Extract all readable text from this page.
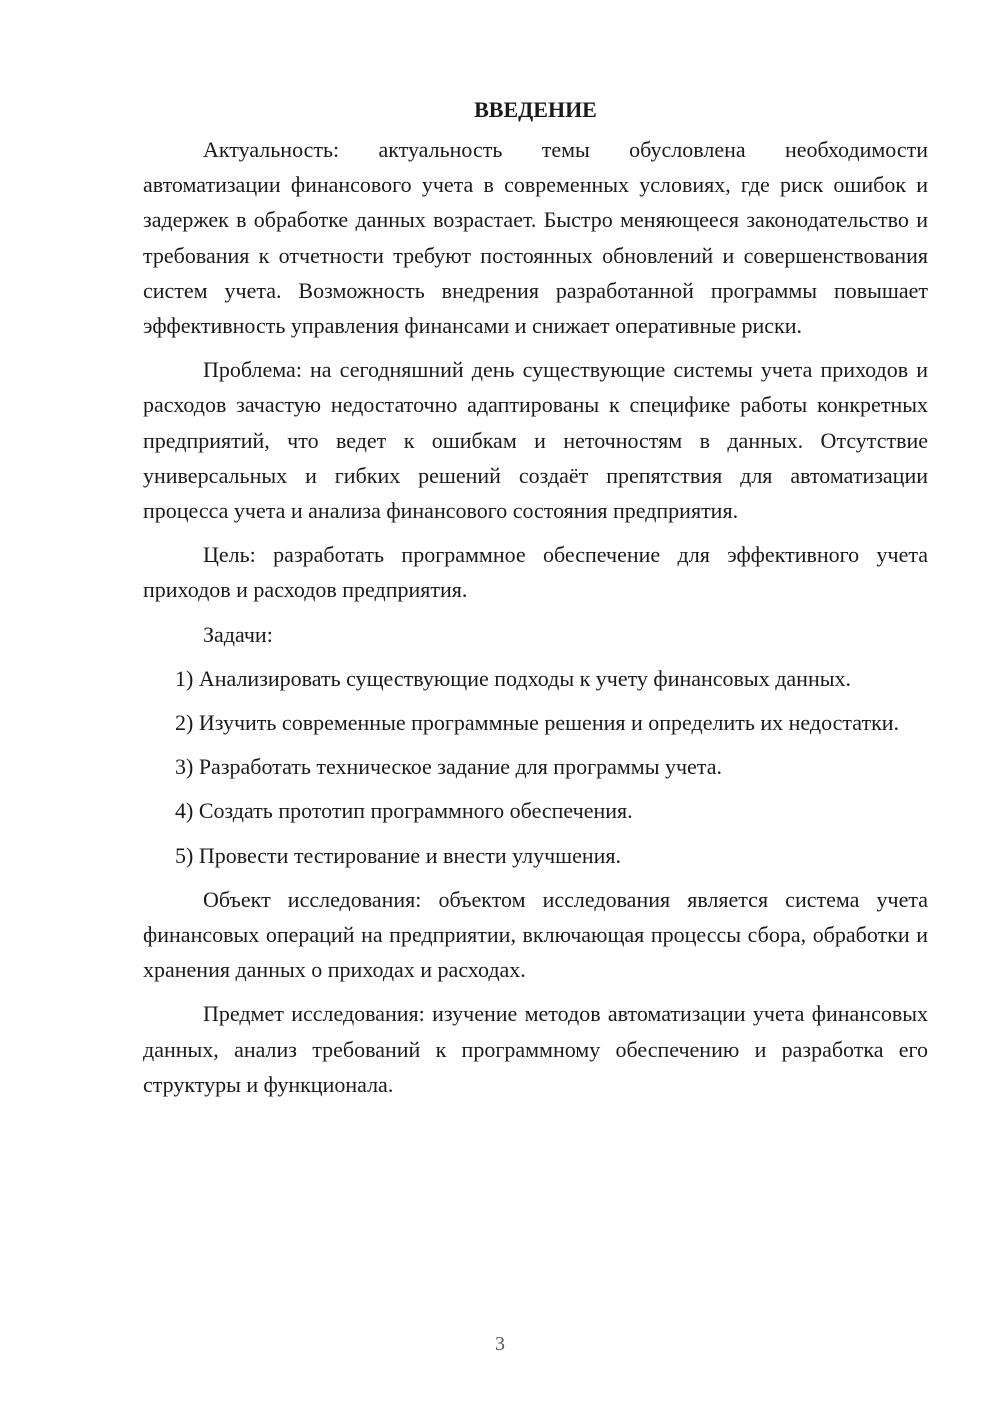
ВВЕДЕНИЕ

Актуальность: актуальность темы обусловлена необходимости автоматизации финансового учета в современных условиях, где риск ошибок и задержек в обработке данных возрастает. Быстро меняющееся законодательство и требования к отчетности требуют постоянных обновлений и совершенствования систем учета. Возможность внедрения разработанной программы повышает эффективность управления финансами и снижает оперативные риски.

Проблема: на сегодняшний день существующие системы учета приходов и расходов зачастую недостаточно адаптированы к специфике работы конкретных предприятий, что ведет к ошибкам и неточностям в данных. Отсутствие универсальных и гибких решений создаёт препятствия для автоматизации процесса учета и анализа финансового состояния предприятия.

Цель: разработать программное обеспечение для эффективного учета приходов и расходов предприятия.

Задачи:

1) Анализировать существующие подходы к учету финансовых данных.

2) Изучить современные программные решения и определить их недостатки.

3) Разработать техническое задание для программы учета.

4) Создать прототип программного обеспечения.

5) Провести тестирование и внести улучшения.

Объект исследования: объектом исследования является система учета финансовых операций на предприятии, включающая процессы сбора, обработки и хранения данных о приходах и расходах.

Предмет исследования: изучение методов автоматизации учета финансовых данных, анализ требований к программному обеспечению и разработка его структуры и функционала.

3
